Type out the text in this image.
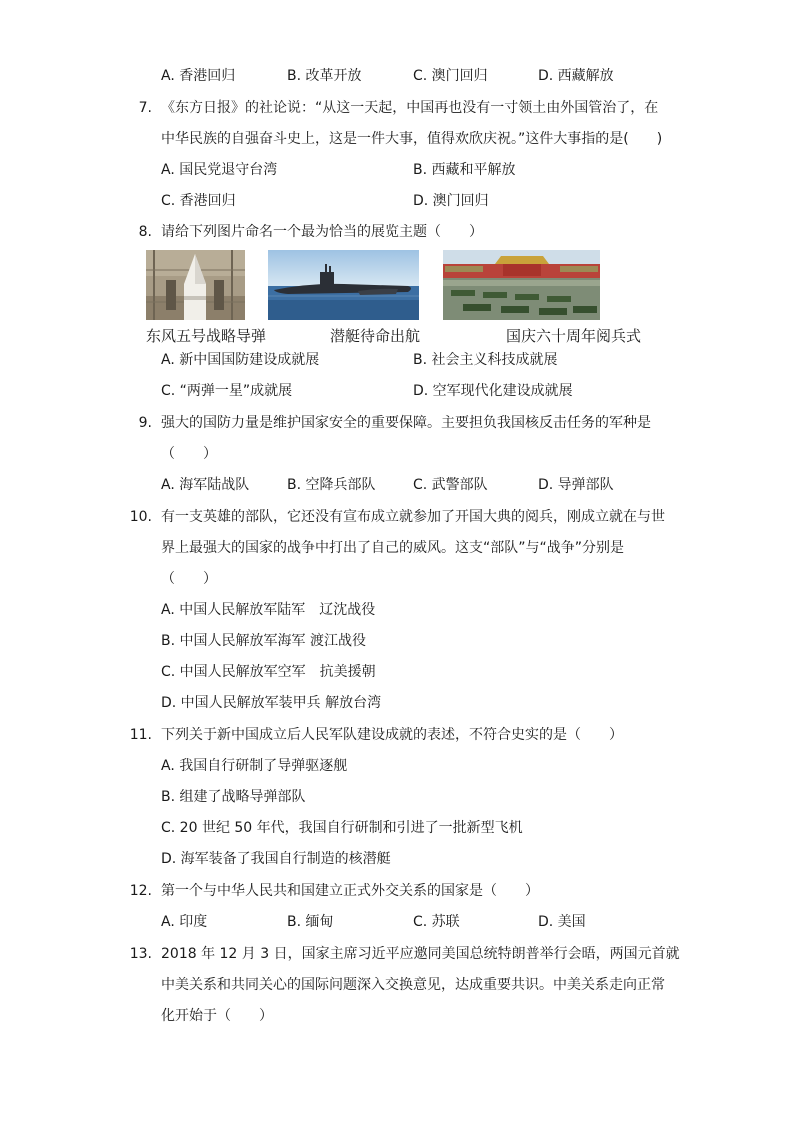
A. 香港回归	B. 改革开放	C. 澳门回归	D. 西藏解放
7. 《东方日报》的社论说：“从这一天起，中国再也没有一寸领土由外国管治了，在
中华民族的自强奋斗史上，这是一件大事，值得欢欣庆祝。”这件大事指的是(　　)
A. 国民党退守台湾	B. 西藏和平解放
C. 香港回归	D. 澳门回归
8. 请给下列图片命名一个最为恰当的展览主题（　　）
东风五号战略导弹	潜艇待命出航	国庆六十周年阅兵式
A. 新中国国防建设成就展	B. 社会主义科技成就展
C. “两弹一星”成就展	D. 空军现代化建设成就展
9. 强大的国防力量是维护国家安全的重要保障。主要担负我国核反击任务的军种是
（　　）
A. 海军陆战队	B. 空降兵部队	C. 武警部队	D. 导弹部队
10. 有一支英雄的部队，它还没有宣布成立就参加了开国大典的阅兵，刚成立就在与世
界上最强大的国家的战争中打出了自己的威风。这支“部队”与“战争”分别是
（　　）
A. 中国人民解放军陆军　辽沈战役
B. 中国人民解放军海军 渡江战役
C. 中国人民解放军空军　抗美援朝
D. 中国人民解放军装甲兵 解放台湾
11. 下列关于新中国成立后人民军队建设成就的表述，不符合史实的是（　　）
A. 我国自行研制了导弹驱逐舰
B. 组建了战略导弹部队
C. 20 世纪 50 年代，我国自行研制和引进了一批新型飞机
D. 海军装备了我国自行制造的核潜艇
12. 第一个与中华人民共和国建立正式外交关系的国家是（　　）
A. 印度	B. 缅甸	C. 苏联	D. 美国
13. 2018 年 12 月 3 日，国家主席习近平应邀同美国总统特朗普举行会晤，两国元首就
中美关系和共同关心的国际问题深入交换意见，达成重要共识。中美关系走向正常
化开始于（　　）
